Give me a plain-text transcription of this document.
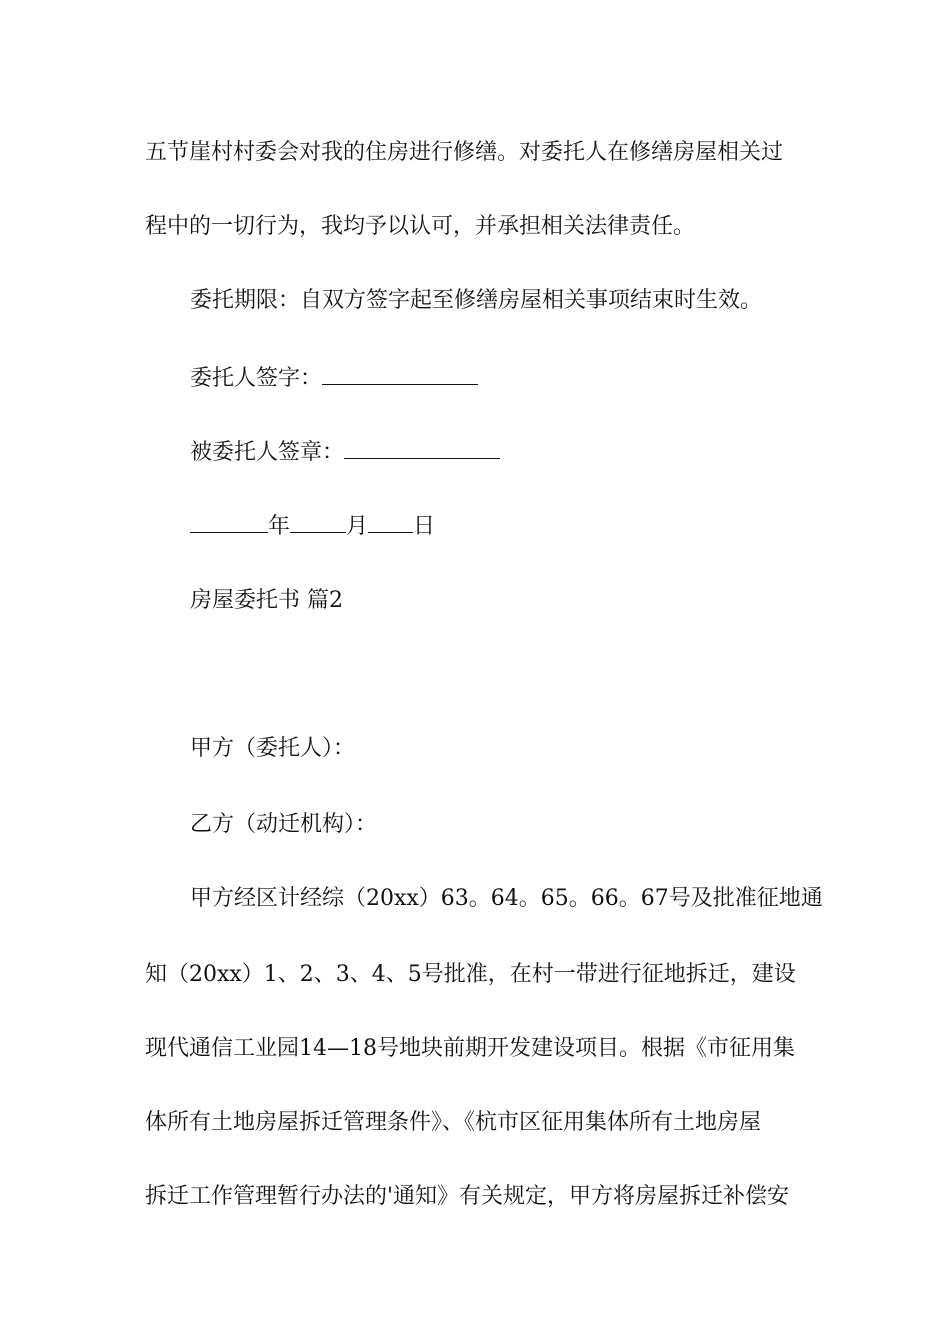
五节崖村村委会对我的住房进行修缮。对委托人在修缮房屋相关过
程中的一切行为，我均予以认可，并承担相关法律责任。
委托期限：自双方签字起至修缮房屋相关事项结束时生效。
委托人签字：
被委托人签章：
年	月 日
房屋委托书 篇2
甲方（委托人）：
乙方（动迁机构）：
甲方经区计经综（20xx）63。64。65。66。67号及批准征地通
知（20xx）1、2、3、4、5号批准，在村一带进行征地拆迁，建设
现代通信工业园14—18号地块前期开发建设项目。根据《市征用集
体所有土地房屋拆迁管理条件》、《杭市区征用集体所有土地房屋
拆迁工作管理暂行办法的'通知》有关规定，甲方将房屋拆迁补偿安
